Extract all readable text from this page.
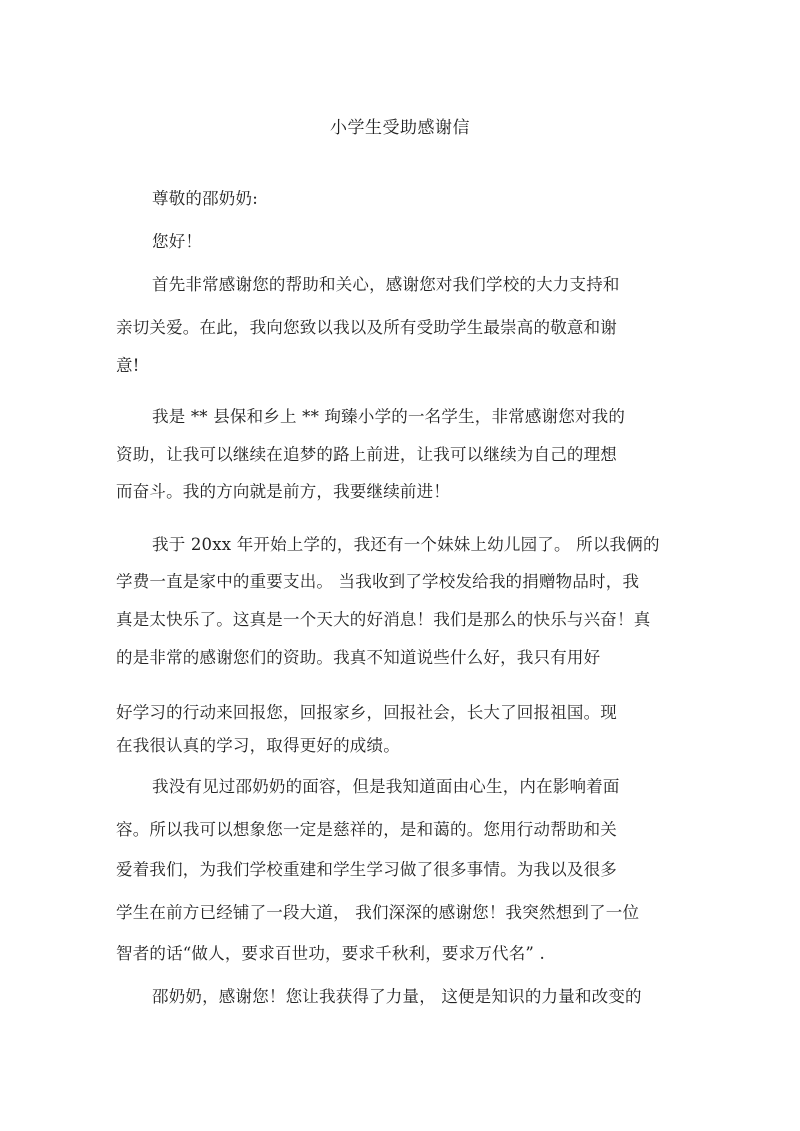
小学生受助感谢信
尊敬的邵奶奶:
您好！
首先非常感谢您的帮助和关心，感谢您对我们学校的大力支持和
亲切关爱。在此，我向您致以我以及所有受助学生最崇高的敬意和谢
意!
我是 ** 县保和乡上 ** 珣臻小学的一名学生，非常感谢您对我的
资助，让我可以继续在追梦的路上前进，让我可以继续为自己的理想
而奋斗。我的方向就是前方，我要继续前进！
我于 20xx 年开始上学的，我还有一个妹妹上幼儿园了。 所以我俩的
学费一直是家中的重要支出。 当我收到了学校发给我的捐赠物品时，我
真是太快乐了。这真是一个天大的好消息！我们是那么的快乐与兴奋！真
的是非常的感谢您们的资助。我真不知道说些什么好，我只有用好
好学习的行动来回报您，回报家乡，回报社会，长大了回报祖国。现
在我很认真的学习，取得更好的成绩。
我没有见过邵奶奶的面容，但是我知道面由心生，内在影响着面
容。所以我可以想象您一定是慈祥的，是和蔼的。您用行动帮助和关
爱着我们，为我们学校重建和学生学习做了很多事情。为我以及很多
学生在前方已经铺了一段大道， 我们深深的感谢您！我突然想到了一位
智者的话“做人，要求百世功，要求千秋利，要求万代名” .
邵奶奶，感谢您！您让我获得了力量， 这便是知识的力量和改变的
